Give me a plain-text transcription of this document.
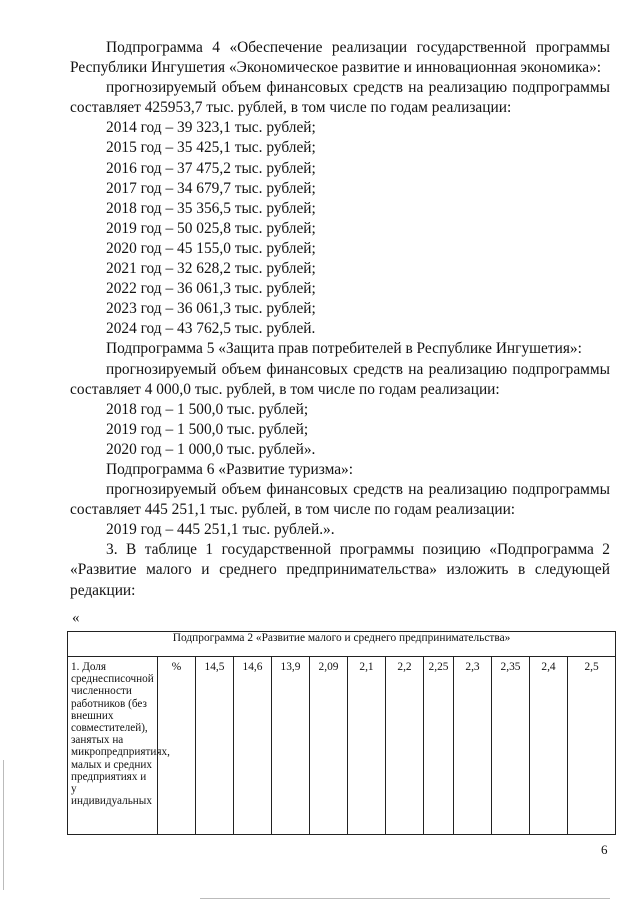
Подпрограмма 4 «Обеспечение реализации государственной программы Республики Ингушетия «Экономическое развитие и инновационная экономика»:

прогнозируемый объем финансовых средств на реализацию подпрограммы составляет 425953,7 тыс. рублей, в том числе по годам реализации:

2014 год – 39 323,1 тыс. рублей;

2015 год – 35 425,1 тыс. рублей;

2016 год – 37 475,2 тыс. рублей;

2017 год – 34 679,7 тыс. рублей;

2018 год – 35 356,5 тыс. рублей;

2019 год – 50 025,8 тыс. рублей;

2020 год – 45 155,0 тыс. рублей;

2021 год – 32 628,2 тыс. рублей;

2022 год – 36 061,3 тыс. рублей;

2023 год – 36 061,3 тыс. рублей;

2024 год – 43 762,5 тыс. рублей.

Подпрограмма 5 «Защита прав потребителей в Республике Ингушетия»:

прогнозируемый объем финансовых средств на реализацию подпрограммы составляет 4 000,0 тыс. рублей, в том числе по годам реализации:

2018 год – 1 500,0 тыс. рублей;

2019 год – 1 500,0 тыс. рублей;

2020 год – 1 000,0 тыс. рублей».

Подпрограмма 6 «Развитие туризма»:

прогнозируемый объем финансовых средств на реализацию подпрограммы составляет 445 251,1 тыс. рублей, в том числе по годам реализации:

2019 год – 445 251,1 тыс. рублей.».

3. В таблице 1 государственной программы позицию «Подпрограмма 2 «Развитие малого и среднего предпринимательства» изложить в следующей редакции:

«
Подпрограмма 2 «Развитие малого и среднего предпринимательства»
1. Доля среднесписочной численности работников (без внешних совместителей), занятых на микропредприятиях, малых и средних предприятиях и у индивидуальных	%	14,5	14,6	13,9	2,09	2,1	2,2	2,25	2,3	2,35	2,4	2,5
6
